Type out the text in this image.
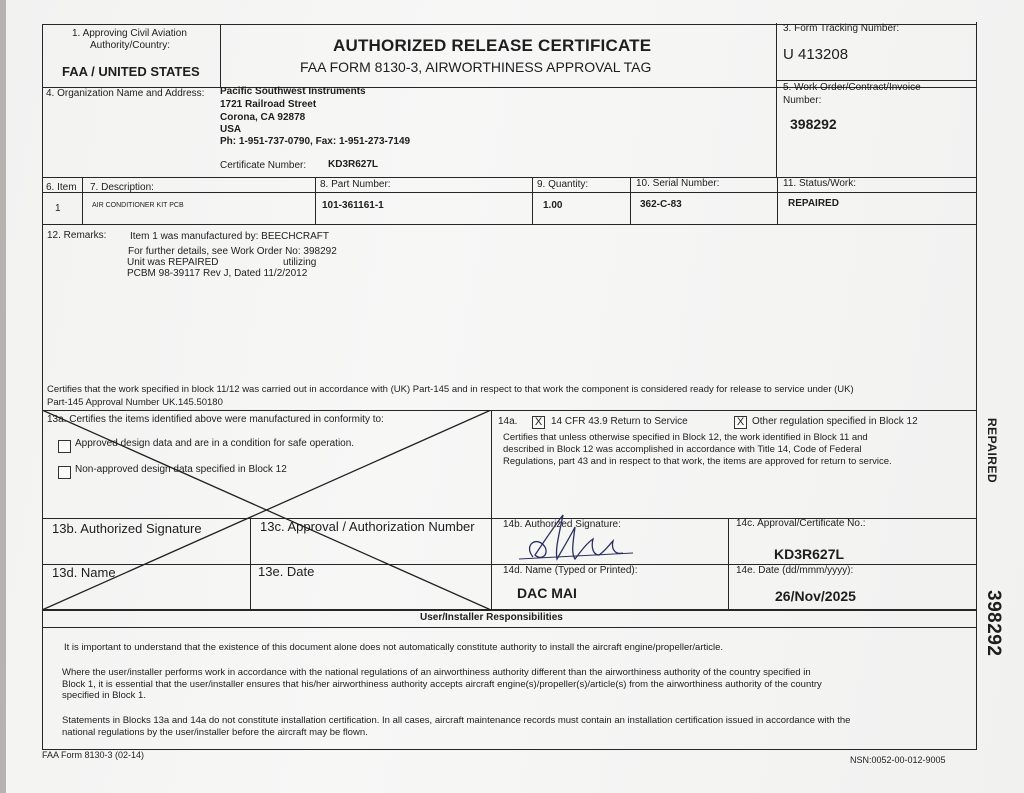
1. Approving Civil Aviation
Authority/Country:
FAA / UNITED STATES
AUTHORIZED RELEASE CERTIFICATE
FAA FORM 8130-3, AIRWORTHINESS APPROVAL TAG
3. Form Tracking Number:
U 413208
4. Organization Name and Address: Pacific Southwest Instruments
1721 Railroad Street
Corona, CA 92878
USA
Ph: 1-951-737-0790, Fax: 1-951-273-7149
Certificate Number: KD3R627L
5. Work Order/Contract/Invoice
Number:
398292
6. Item 7. Description:	8. Part Number:	9. Quantity:	10. Serial Number:	11. Status/Work:
1	AIR CONDITIONER KIT PCB	101-361161-1	1.00	362-C-83	REPAIRED
12. Remarks: Item 1 was manufactured by: BEECHCRAFT
For further details, see Work Order No: 398292
Unit was REPAIRED	utilizing
PCBM 98-39117 Rev J, Dated 11/2/2012
Certifies that the work specified in block 11/12 was carried out in accordance with (UK) Part-145 and in respect to that work the component is considered ready for release to service under (UK)
Part-145 Approval Number UK.145.50180
13a. Certifies the items identified above were manufactured in conformity to:
Approved design data and are in a condition for safe operation.
Non-approved design data specified in Block 12
13b. Authorized Signature	13c. Approval / Authorization Number
13d. Name	13e. Date
14a. X 14 CFR 43.9 Return to Service	X Other regulation specified in Block 12
Certifies that unless otherwise specified in Block 12, the work identified in Block 11 and
described in Block 12 was accomplished in accordance with Title 14, Code of Federal
Regulations, part 43 and in respect to that work, the items are approved for return to service.
14b. Authorized Signature:	14c. Approval/Certificate No.:
KD3R627L
14d. Name (Typed or Printed):
DAC MAI
14e. Date (dd/mmm/yyyy):
26/Nov/2025
User/Installer Responsibilities
It is important to understand that the existence of this document alone does not automatically constitute authority to install the aircraft engine/propeller/article.
Where the user/installer performs work in accordance with the national regulations of an airworthiness authority different than the airworthiness authority of the country specified in
Block 1, it is essential that the user/installer ensures that his/her airworthiness authority accepts aircraft engine(s)/propeller(s)/article(s) from the airworthiness authority of the country
specified in Block 1.
Statements in Blocks 13a and 14a do not constitute installation certification. In all cases, aircraft maintenance records must contain an installation certification issued in accordance with the
national regulations by the user/installer before the aircraft may be flown.
FAA Form 8130-3 (02-14)	NSN:0052-00-012-9005
REPAIRED
398292
